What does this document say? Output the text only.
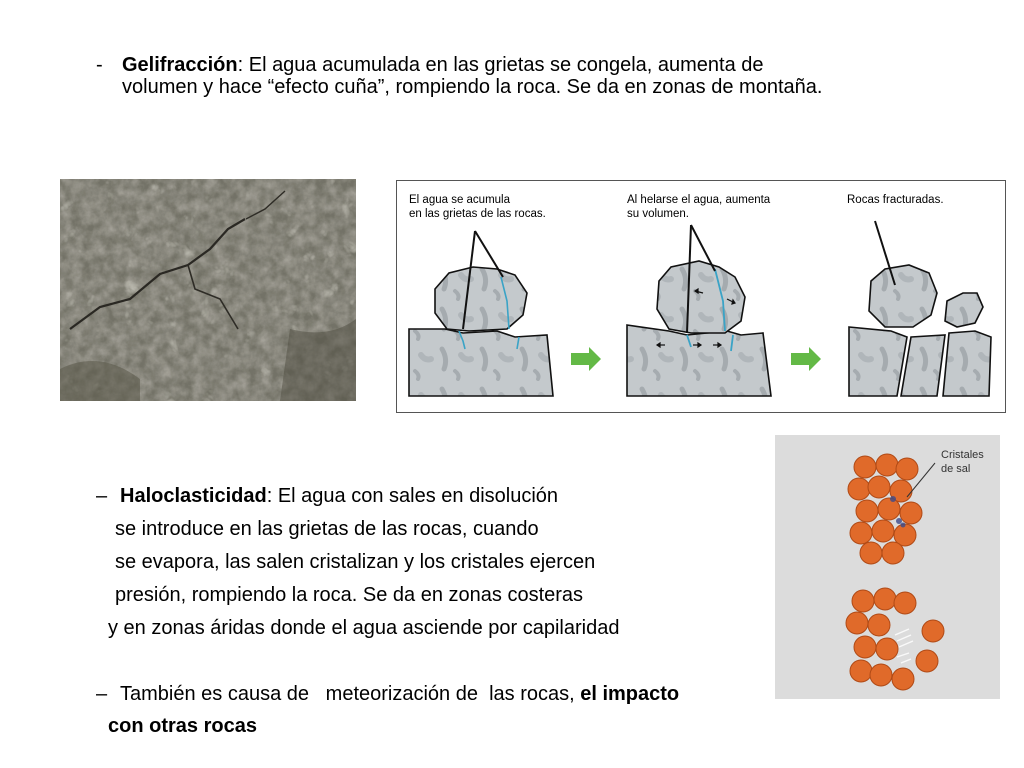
- Gelifracción: El agua acumulada en las grietas se congela, aumenta de
volumen y hace “efecto cuña”, rompiendo la roca. Se da en zonas de montaña.
El agua se acumula
en las grietas de las rocas.
Al helarse el agua, aumenta
su volumen.
Rocas fracturadas.
Cristales
de sal
– Haloclasticidad: El agua con sales en disolución
se introduce en las grietas de las rocas, cuando
se evapora, las salen cristalizan y los cristales ejercen
presión, rompiendo la roca. Se da en zonas costeras
y en zonas áridas donde el agua asciende por capilaridad
– También es causa de   meteorización de  las rocas, el impacto
con otras rocas
